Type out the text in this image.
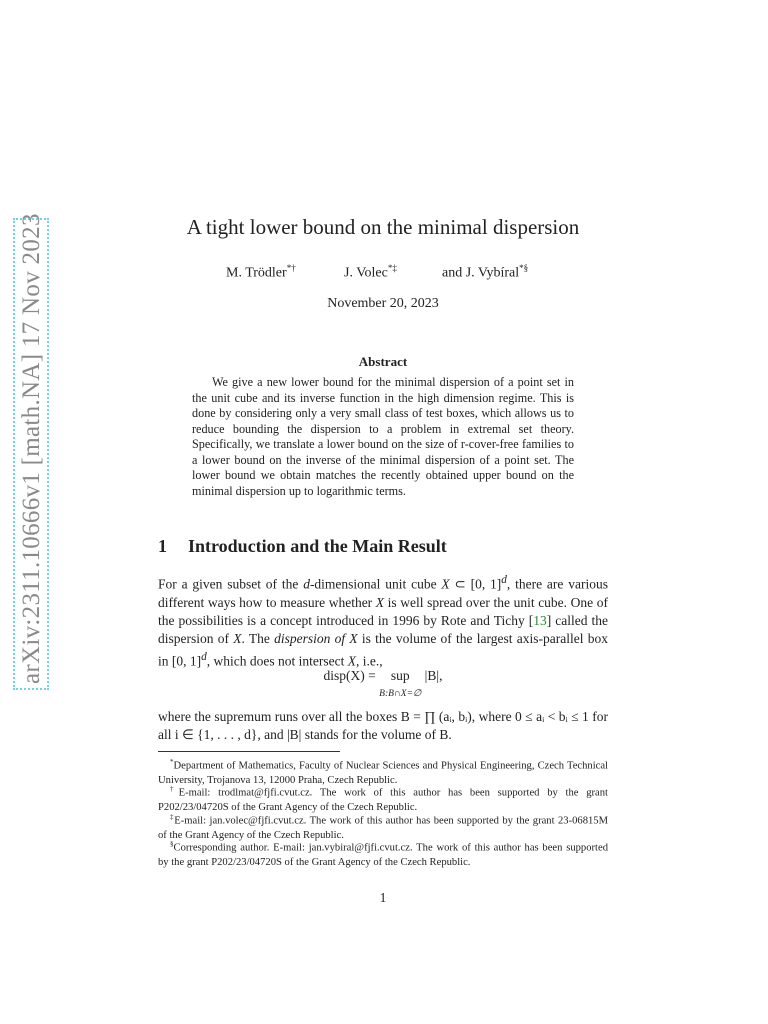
arXiv:2311.10666v1 [math.NA] 17 Nov 2023	A tight lower bound on the minimal dispersion
M. Trödler*†	J. Volec*‡	and J. Vybíral*§
November 20, 2023
Abstract
We give a new lower bound for the minimal dispersion of a point set in the unit cube and its inverse function in the high dimension regime. This is done by considering only a very small class of test boxes, which allows us to reduce bounding the dispersion to a problem in extremal set theory. Specifically, we translate a lower bound on the size of r-cover-free families to a lower bound on the inverse of the minimal dispersion of a point set. The lower bound we obtain matches the recently obtained upper bound on the minimal dispersion up to logarithmic terms.
1 Introduction and the Main Result
For a given subset of the d-dimensional unit cube X ⊂ [0, 1]$^d$, there are various different ways how to measure whether X is well spread over the unit cube. One of the possibilities is a concept introduced in 1996 by Rote and Tichy [13] called the dispersion of X. The dispersion of X is the volume of the largest axis-parallel box in [0, 1]$^d$, which does not intersect X, i.e.,
disp(X) = sup
B:B∩X=∅ |B|,
where the supremum runs over all the boxes B = ∏ (aᵢ, bᵢ), where 0 ≤ aᵢ < bᵢ ≤ 1 for all i ∈ {1, . . . , d}, and |B| stands for the volume of B.
*Department of Mathematics, Faculty of Nuclear Sciences and Physical Engineering, Czech Technical University, Trojanova 13, 12000 Praha, Czech Republic.
†E-mail: trodlmat@fjfi.cvut.cz. The work of this author has been supported by the grant P202/23/04720S of the Grant Agency of the Czech Republic.
‡E-mail: jan.volec@fjfi.cvut.cz. The work of this author has been supported by the grant 23-06815M of the Grant Agency of the Czech Republic.
§Corresponding author. E-mail: jan.vybiral@fjfi.cvut.cz. The work of this author has been supported by the grant P202/23/04720S of the Grant Agency of the Czech Republic.
1
